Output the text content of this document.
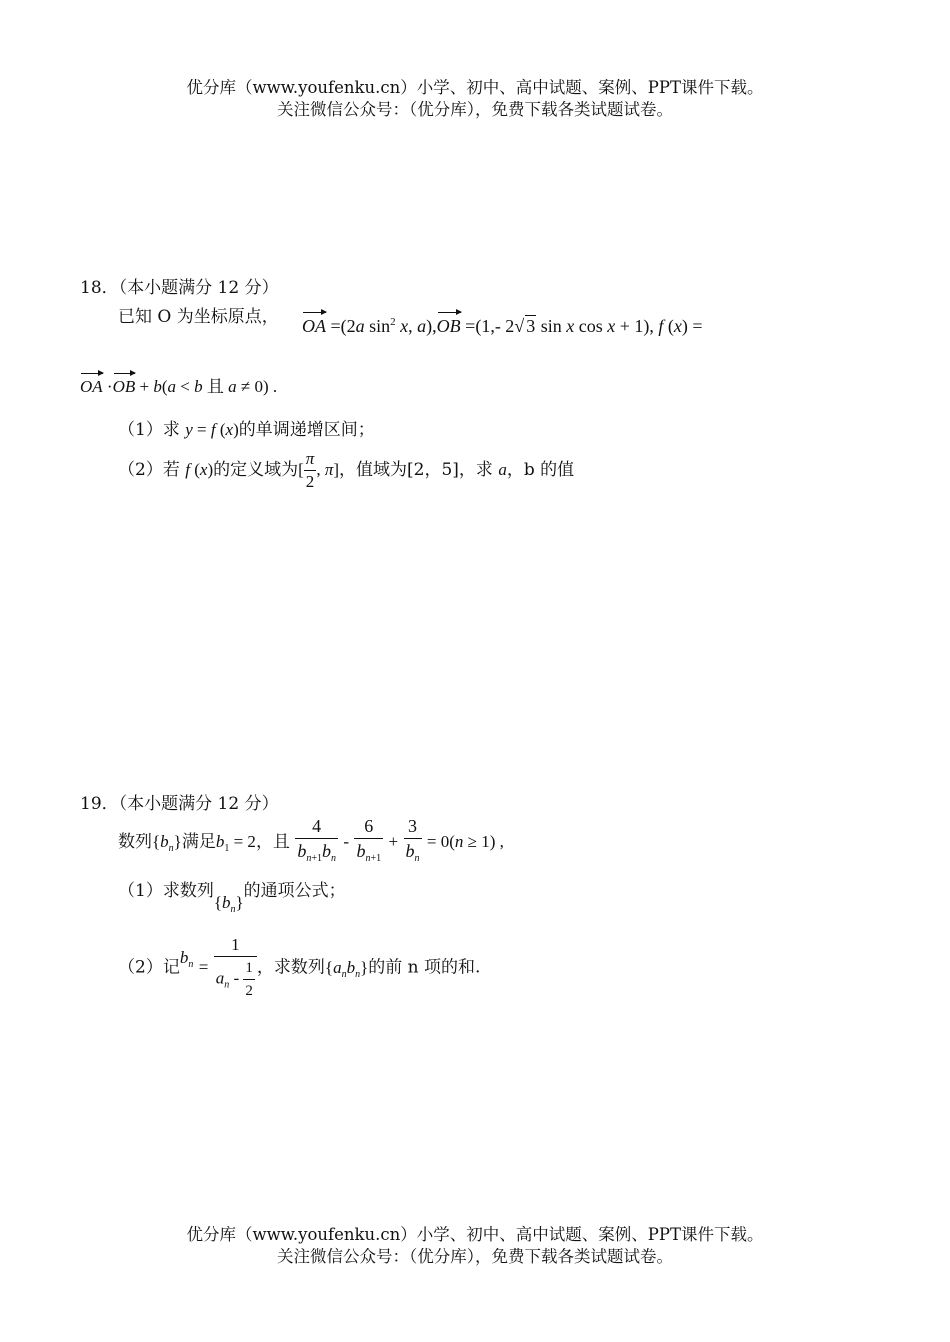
优分库（www.youfenku.cn）小学、初中、高中试题、案例、PPT课件下载。
关注微信公众号：（优分库），免费下载各类试题试卷。
18．（本小题满分 12 分）
已知 O 为坐标原点， OA =(2a $\sin^2 x$, a),OB =(1,- 2√ 3 sin x cos x + 1), f (x) =
OA ·OB + b(a < b 且 a ≠ 0) .
（1）求 y = f (x)的单调递增区间；
（2）若 f (x)的定义域为[ $\frac{\pi}{2}$ , π]，值域为[2，5]，求 a，b 的值
19．（本小题满分 12 分）
数列$\{b_n\}$满足$b_1 = 2$，且 $\frac{4}{b_{n+1}b_n} - \frac{6}{b_{n+1}} + \frac{3}{b_n} = 0(n \ge 1)$ ,
（1）求数列$\{b_n\}$的通项公式；
（2）记$b_n = \frac{1}{a_n - \frac{1}{2}}$ ，求数列$\{a_nb_n\}$的前 n 项的和.
优分库（www.youfenku.cn）小学、初中、高中试题、案例、PPT课件下载。
关注微信公众号：（优分库），免费下载各类试题试卷。
